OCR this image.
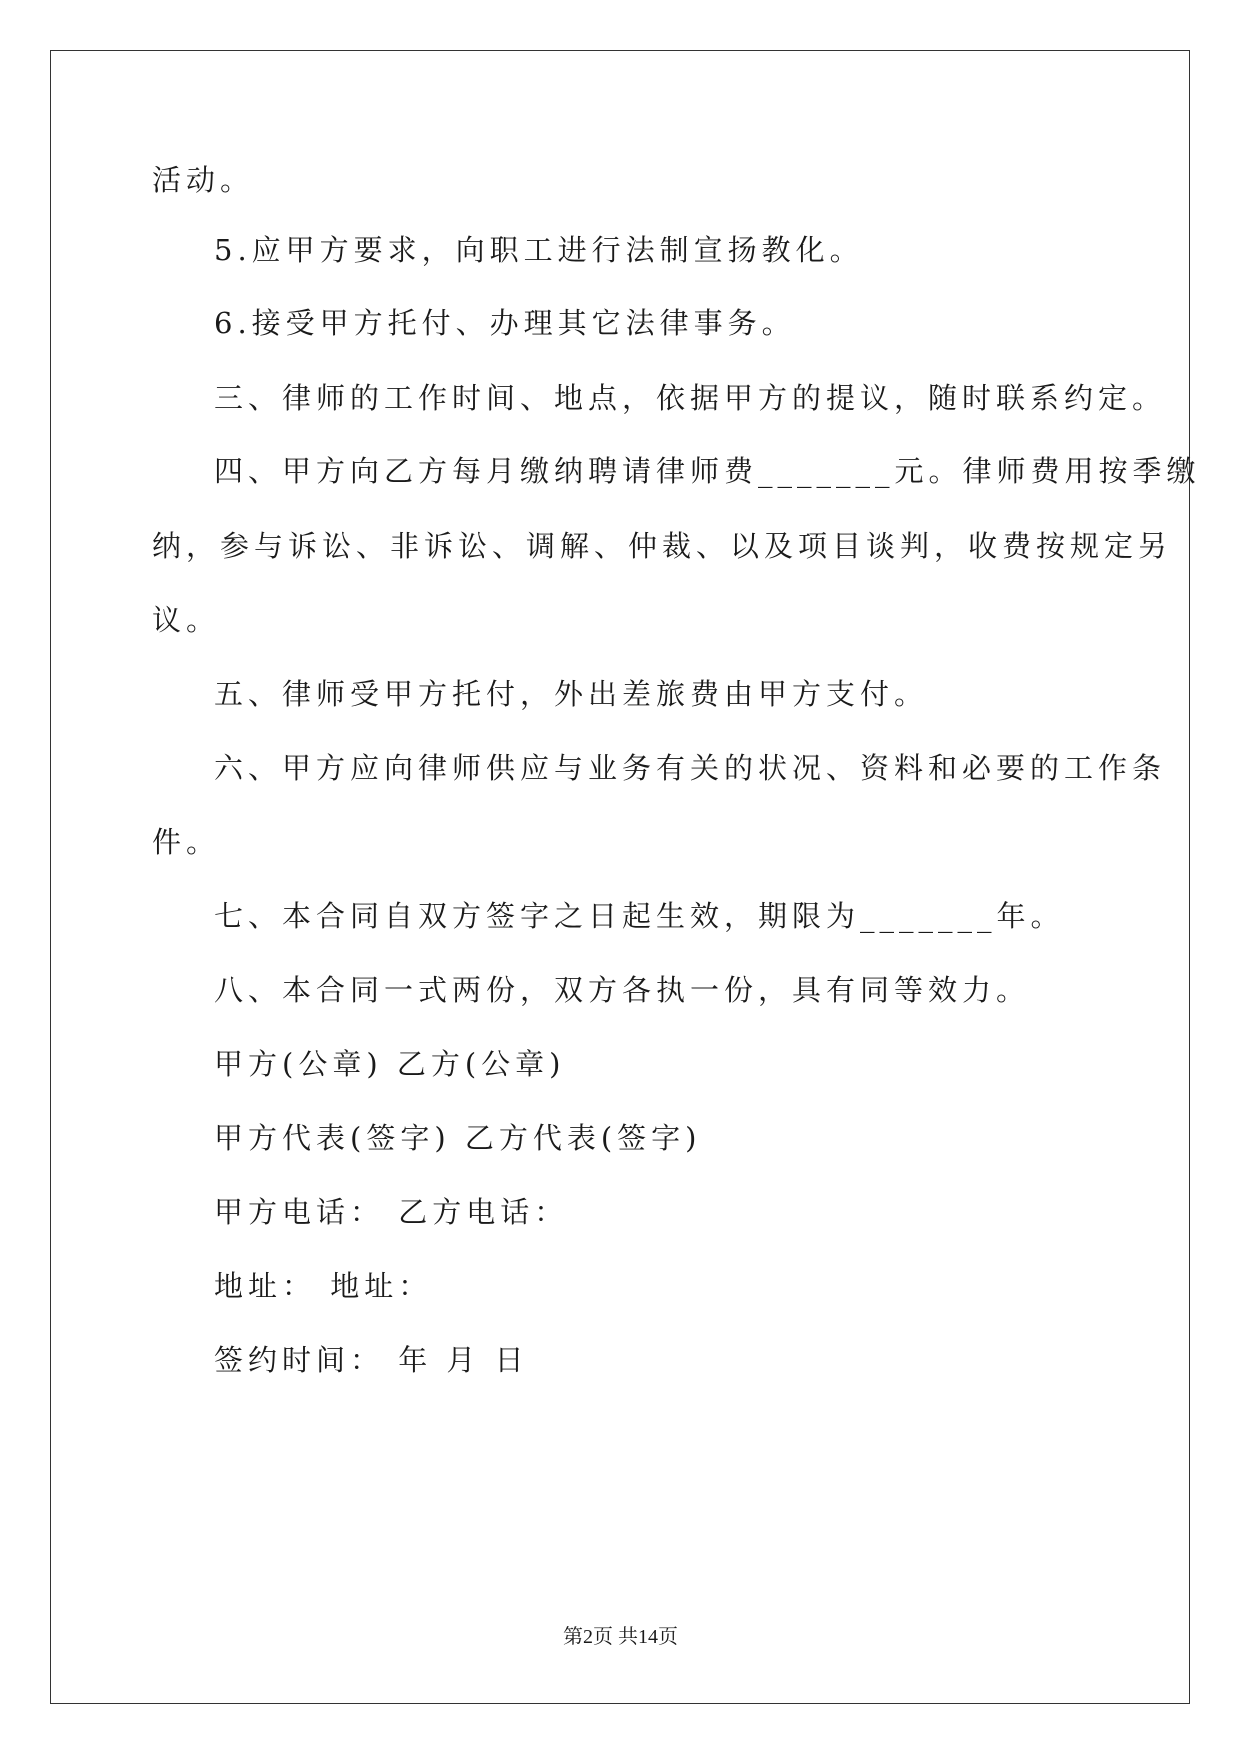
活动。
5.应甲方要求，向职工进行法制宣扬教化。
6.接受甲方托付、办理其它法律事务。
三、律师的工作时间、地点，依据甲方的提议，随时联系约定。
四、甲方向乙方每月缴纳聘请律师费_______元。律师费用按季缴
纳，参与诉讼、非诉讼、调解、仲裁、以及项目谈判，收费按规定另
议。
五、律师受甲方托付，外出差旅费由甲方支付。
六、甲方应向律师供应与业务有关的状况、资料和必要的工作条
件。
七、本合同自双方签字之日起生效，期限为_______年。
八、本合同一式两份，双方各执一份，具有同等效力。
甲方(公章) 乙方(公章)
甲方代表(签字) 乙方代表(签字)
甲方电话： 乙方电话：
地址： 地址：
签约时间： 年 月 日
第2页 共14页
